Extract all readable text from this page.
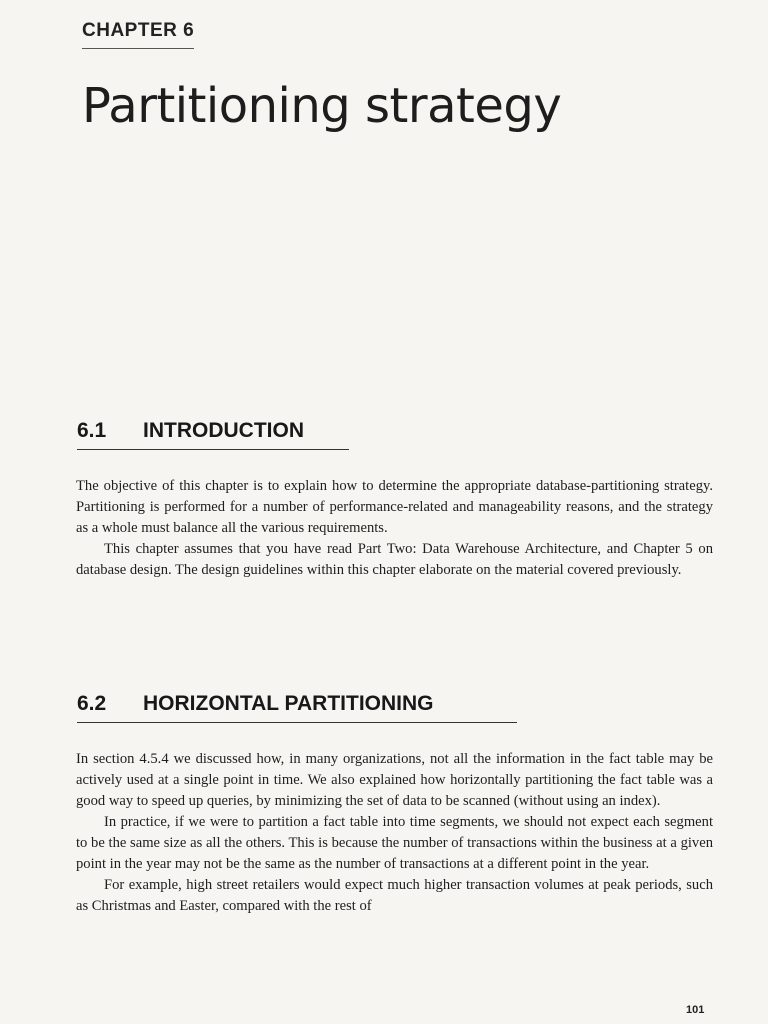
CHAPTER 6
Partitioning strategy
6.1 INTRODUCTION

The objective of this chapter is to explain how to determine the appropriate database-partitioning strategy. Partitioning is performed for a number of performance-related and manageability reasons, and the strategy as a whole must balance all the various requirements.

This chapter assumes that you have read Part Two: Data Warehouse Architecture, and Chapter 5 on database design. The design guidelines within this chapter elaborate on the material covered previously.

6.2 HORIZONTAL PARTITIONING

In section 4.5.4 we discussed how, in many organizations, not all the information in the fact table may be actively used at a single point in time. We also explained how horizontally partitioning the fact table was a good way to speed up queries, by minimizing the set of data to be scanned (without using an index).

In practice, if we were to partition a fact table into time segments, we should not expect each segment to be the same size as all the others. This is because the number of transactions within the business at a given point in the year may not be the same as the number of transactions at a different point in the year.

For example, high street retailers would expect much higher transaction volumes at peak periods, such as Christmas and Easter, compared with the rest of

101
